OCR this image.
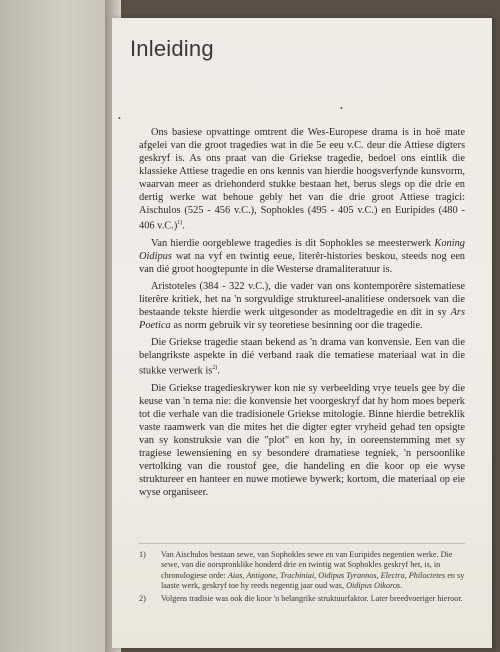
Inleiding
•
•

Ons basiese opvattinge omtrent die Wes-Europese drama is in hoë mate afgelei van die groot tragedies wat in die 5e eeu v.C. deur die Attiese digters geskryf is. As ons praat van die Griekse tragedie, bedoel ons eintlik die klassieke Attiese tragedie en ons kennis van hierdie hoogsverfynde kunsvorm, waarvan meer as driehonderd stukke bestaan het, berus slegs op die drie en dertig werke wat behoue gebly het van die drie groot Attiese tragici: Aischulos (525 - 456 v.C.), Sophokles (495 - 405 v.C.) en Euripides (480 - 406 v.C.)$^{1)}$.

Van hierdie oorgeblewe tragedies is dit Sophokles se meesterwerk Koning Oidipus wat na vyf en twintig eeue, literêr-histories beskou, steeds nog een van dié groot hoogtepunte in die Westerse dramaliteratuur is.

Aristoteles (384 - 322 v.C.), die vader van ons kontemporêre sistematiese literêre kritiek, het na 'n sorgvuldige struktureel-analitiese ondersoek van die bestaande tekste hierdie werk uitgesonder as modeltragedie en dit in sy Ars Poetica as norm gebruik vir sy teoretiese besinning oor die tragedie.

Die Griekse tragedie staan bekend as 'n drama van konvensie. Een van die belangrikste aspekte in dié verband raak die tematiese materiaal wat in die stukke verwerk $is^{2)}$.

Die Griekse tragedieskrywer kon nie sy verbeelding vrye teuels gee by die keuse van 'n tema nie: die konvensie het voorgeskryf dat hy hom moes beperk tot die verhale van die tradisionele Griekse mitologie. Binne hierdie betreklik vaste raamwerk van die mites het die digter egter vryheid gehad ten opsigte van sy konstruksie van die "plot" en kon hy, in ooreenstemming met sy tragiese lewensiening en sy besondere dramatiese tegniek, 'n persoonlike vertolking van die roustof gee, die handeling en die koor op eie wyse struktureer en hanteer en nuwe motiewe bywerk; kortom, die materiaal op eie wyse organiseer.

1)	Van Aischulos bestaan sewe, van Sophokles sewe en van Euripides negentien werke. Die sewe, van die oorspronklike honderd drie en twintig wat Sophokles geskryf het, is, in chronologiese orde: Aias, Antigone, Trachiniai, Oidipus Tyrannos, Electra, Philoctetes en sy laaste werk, geskryf toe hy reeds negentig jaar oud was, Oidipus Oikoros.
2)	Volgens tradisie was ook die koor 'n belangrike struktuurfaktor. Later breedvoeriger hieroor.
